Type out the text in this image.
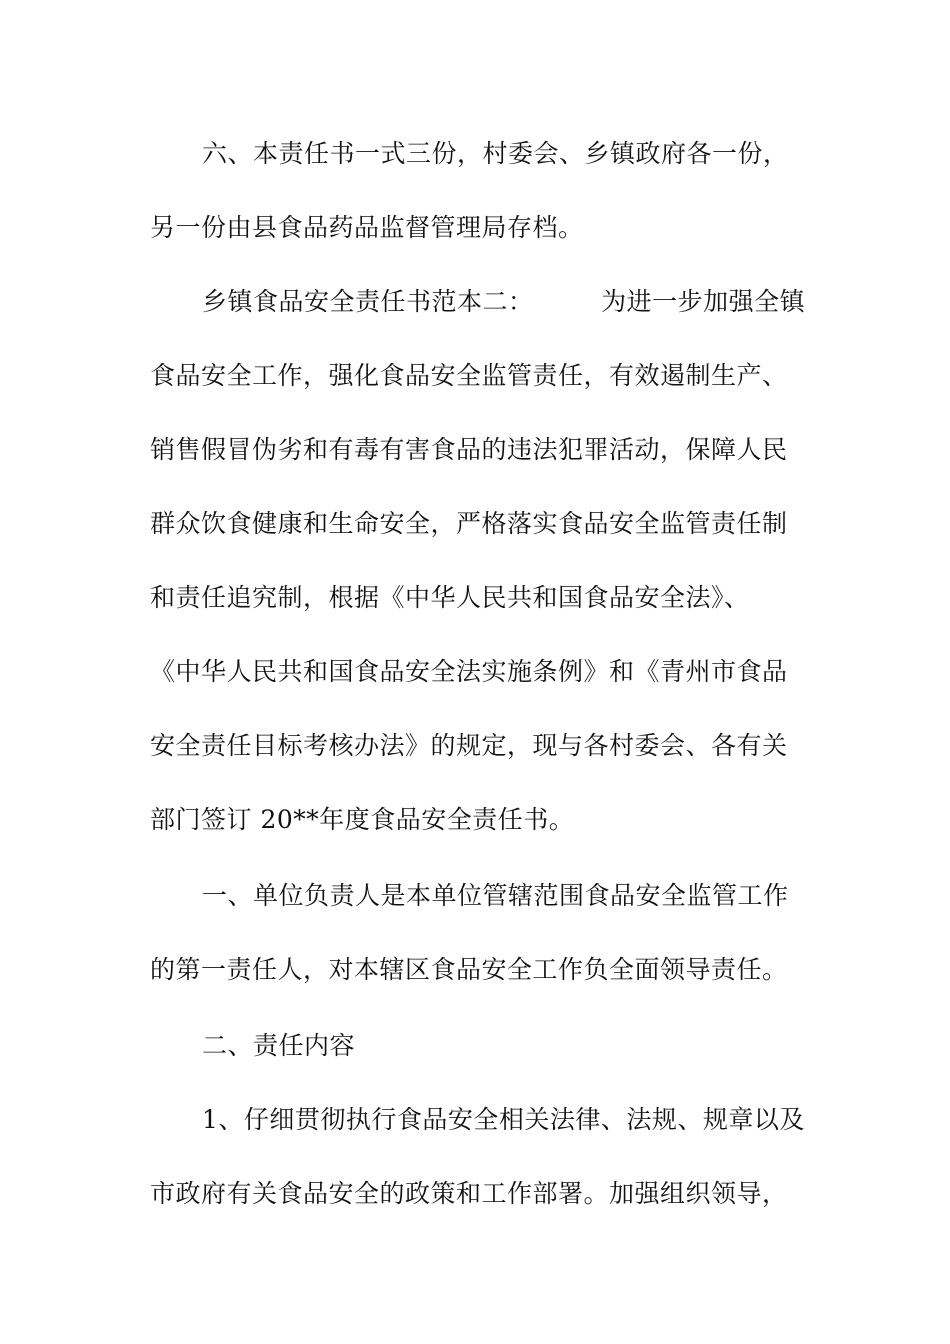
六、本责任书一式三份，村委会、乡镇政府各一份，
另一份由县食品药品监督管理局存档。
乡镇食品安全责任书范本二：        为进一步加强全镇
食品安全工作，强化食品安全监管责任，有效遏制生产、
销售假冒伪劣和有毒有害食品的违法犯罪活动，保障人民
群众饮食健康和生命安全，严格落实食品安全监管责任制
和责任追究制，根据《中华人民共和国食品安全法》、
《中华人民共和国食品安全法实施条例》和《青州市食品
安全责任目标考核办法》的规定，现与各村委会、各有关
部门签订 20**年度食品安全责任书。
一、单位负责人是本单位管辖范围食品安全监管工作
的第一责任人，对本辖区食品安全工作负全面领导责任。
二、责任内容
1、仔细贯彻执行食品安全相关法律、法规、规章以及
市政府有关食品安全的政策和工作部署。加强组织领导，
